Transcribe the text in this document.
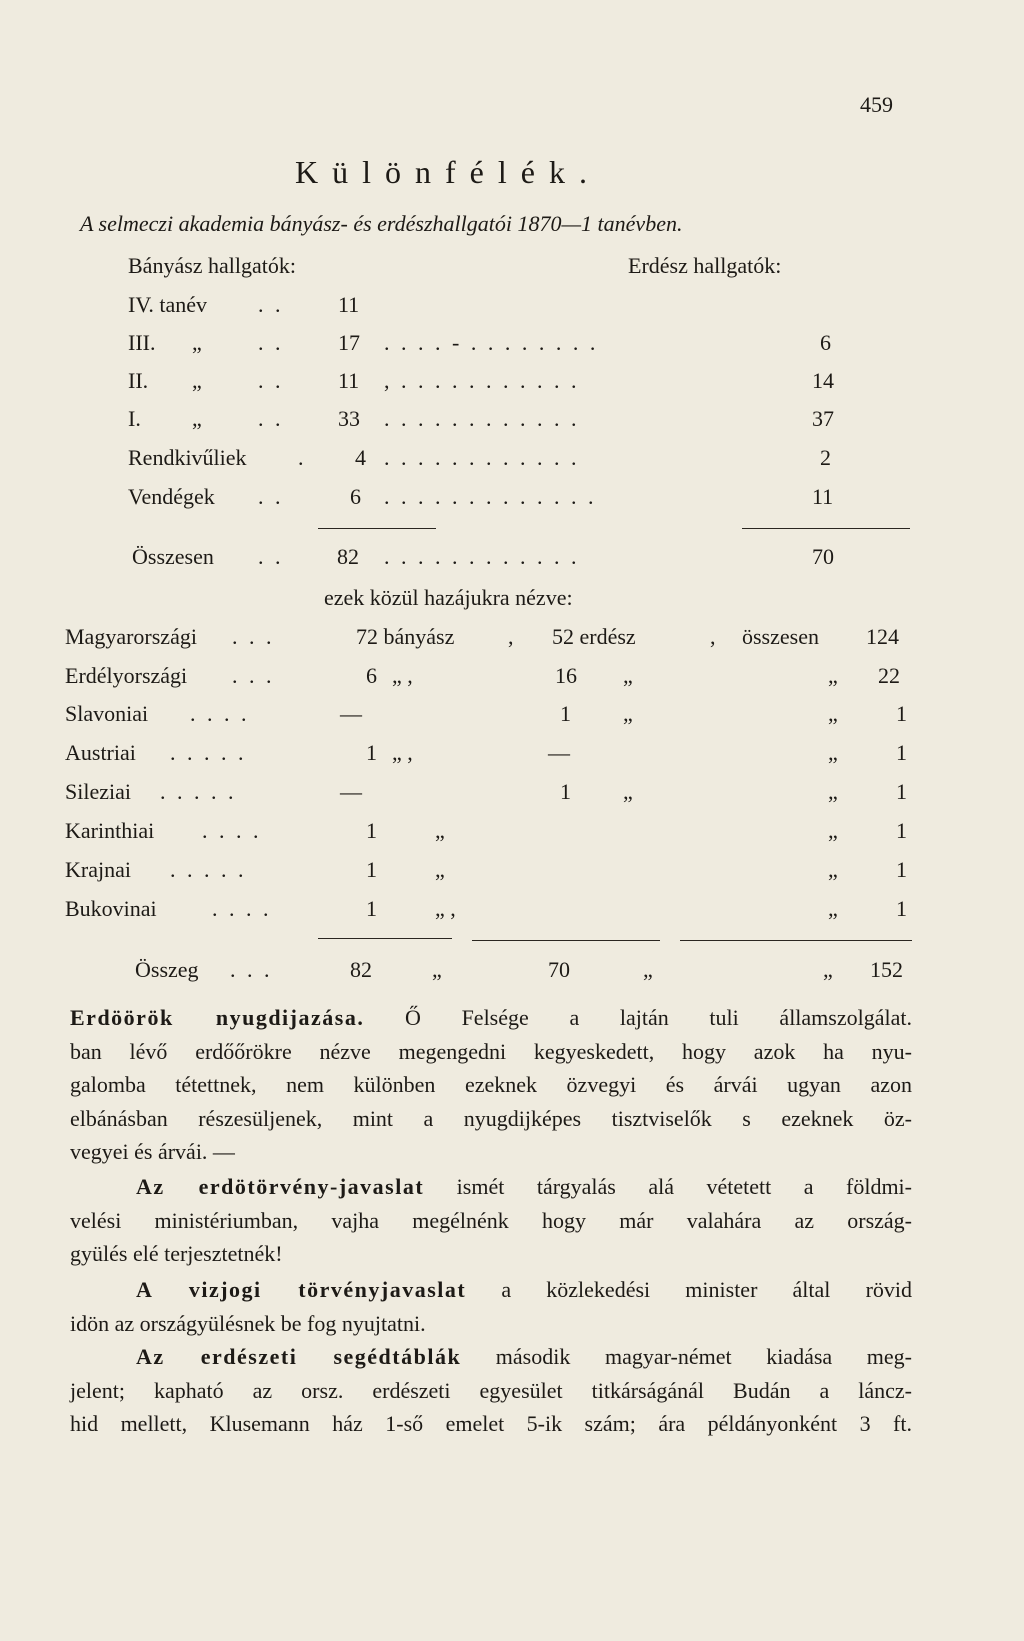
459
Különfélék.
A selmeczi akademia bányász- és erdészhallgatói 1870—1 tanévben.
Bányász hallgatók:	Erdész hallgatók:
IV. tanév . . 11
III. „	. . 17 . . . . - . . . . . . . .	6
II. „	. . 11 , . . . . . . . . . . .	14
I. „	. . 33 . . . . . . . . . . . .	37
Rendkivűliek . 4 . . . . . . . . . . . .	2
Vendégek . .	6 . . . . . . . . . . . . .	11
Összesen . . 82 . . . . . . . . . . . .	70
ezek közül hazájukra nézve:
Magyarországi . . .	72 bányász , 52 erdész	, összesen 124
Erdélyországi . . .	6 „ ,	16 „	„ 22
Slavoniai . . . .	—	1 „	„	1
Austriai . . . . .	1 „ ,	—	„	1
Sileziai . . . . .	—	1 „	„	1
Karinthiai . . . .	1	„	„	1
Krajnai . . . . .	1	„	„	1
Bukovinai	. . . .	1	„ ,	„	1
Összeg . . .	82	„	70	„	„ 152
Erdöörök nyugdijazása. Ő Felsége a lajtán tuli államszolgálat.
ban lévő erdőőrökre nézve megengedni kegyeskedett, hogy azok ha nyu-
galomba tétettnek, nem különben ezeknek özvegyi és árvái ugyan azon
elbánásban részesüljenek, mint a nyugdijképes tisztviselők s ezeknek öz-
vegyei és árvái. —
Az erdötörvény-javaslat ismét tárgyalás alá vétetett a földmi-
velési ministériumban, vajha megélnénk hogy már valahára az ország-
gyülés elé terjesztetnék!
A vizjogi törvényjavaslat a közlekedési minister által rövid
idön az országyülésnek be fog nyujtatni.
Az erdészeti segédtáblák második magyar-német kiadása meg-
jelent; kapható az orsz. erdészeti egyesület titkárságánál Budán a láncz-
hid mellett, Klusemann ház 1-ső emelet 5-ik szám; ára példányonként 3 ft.
